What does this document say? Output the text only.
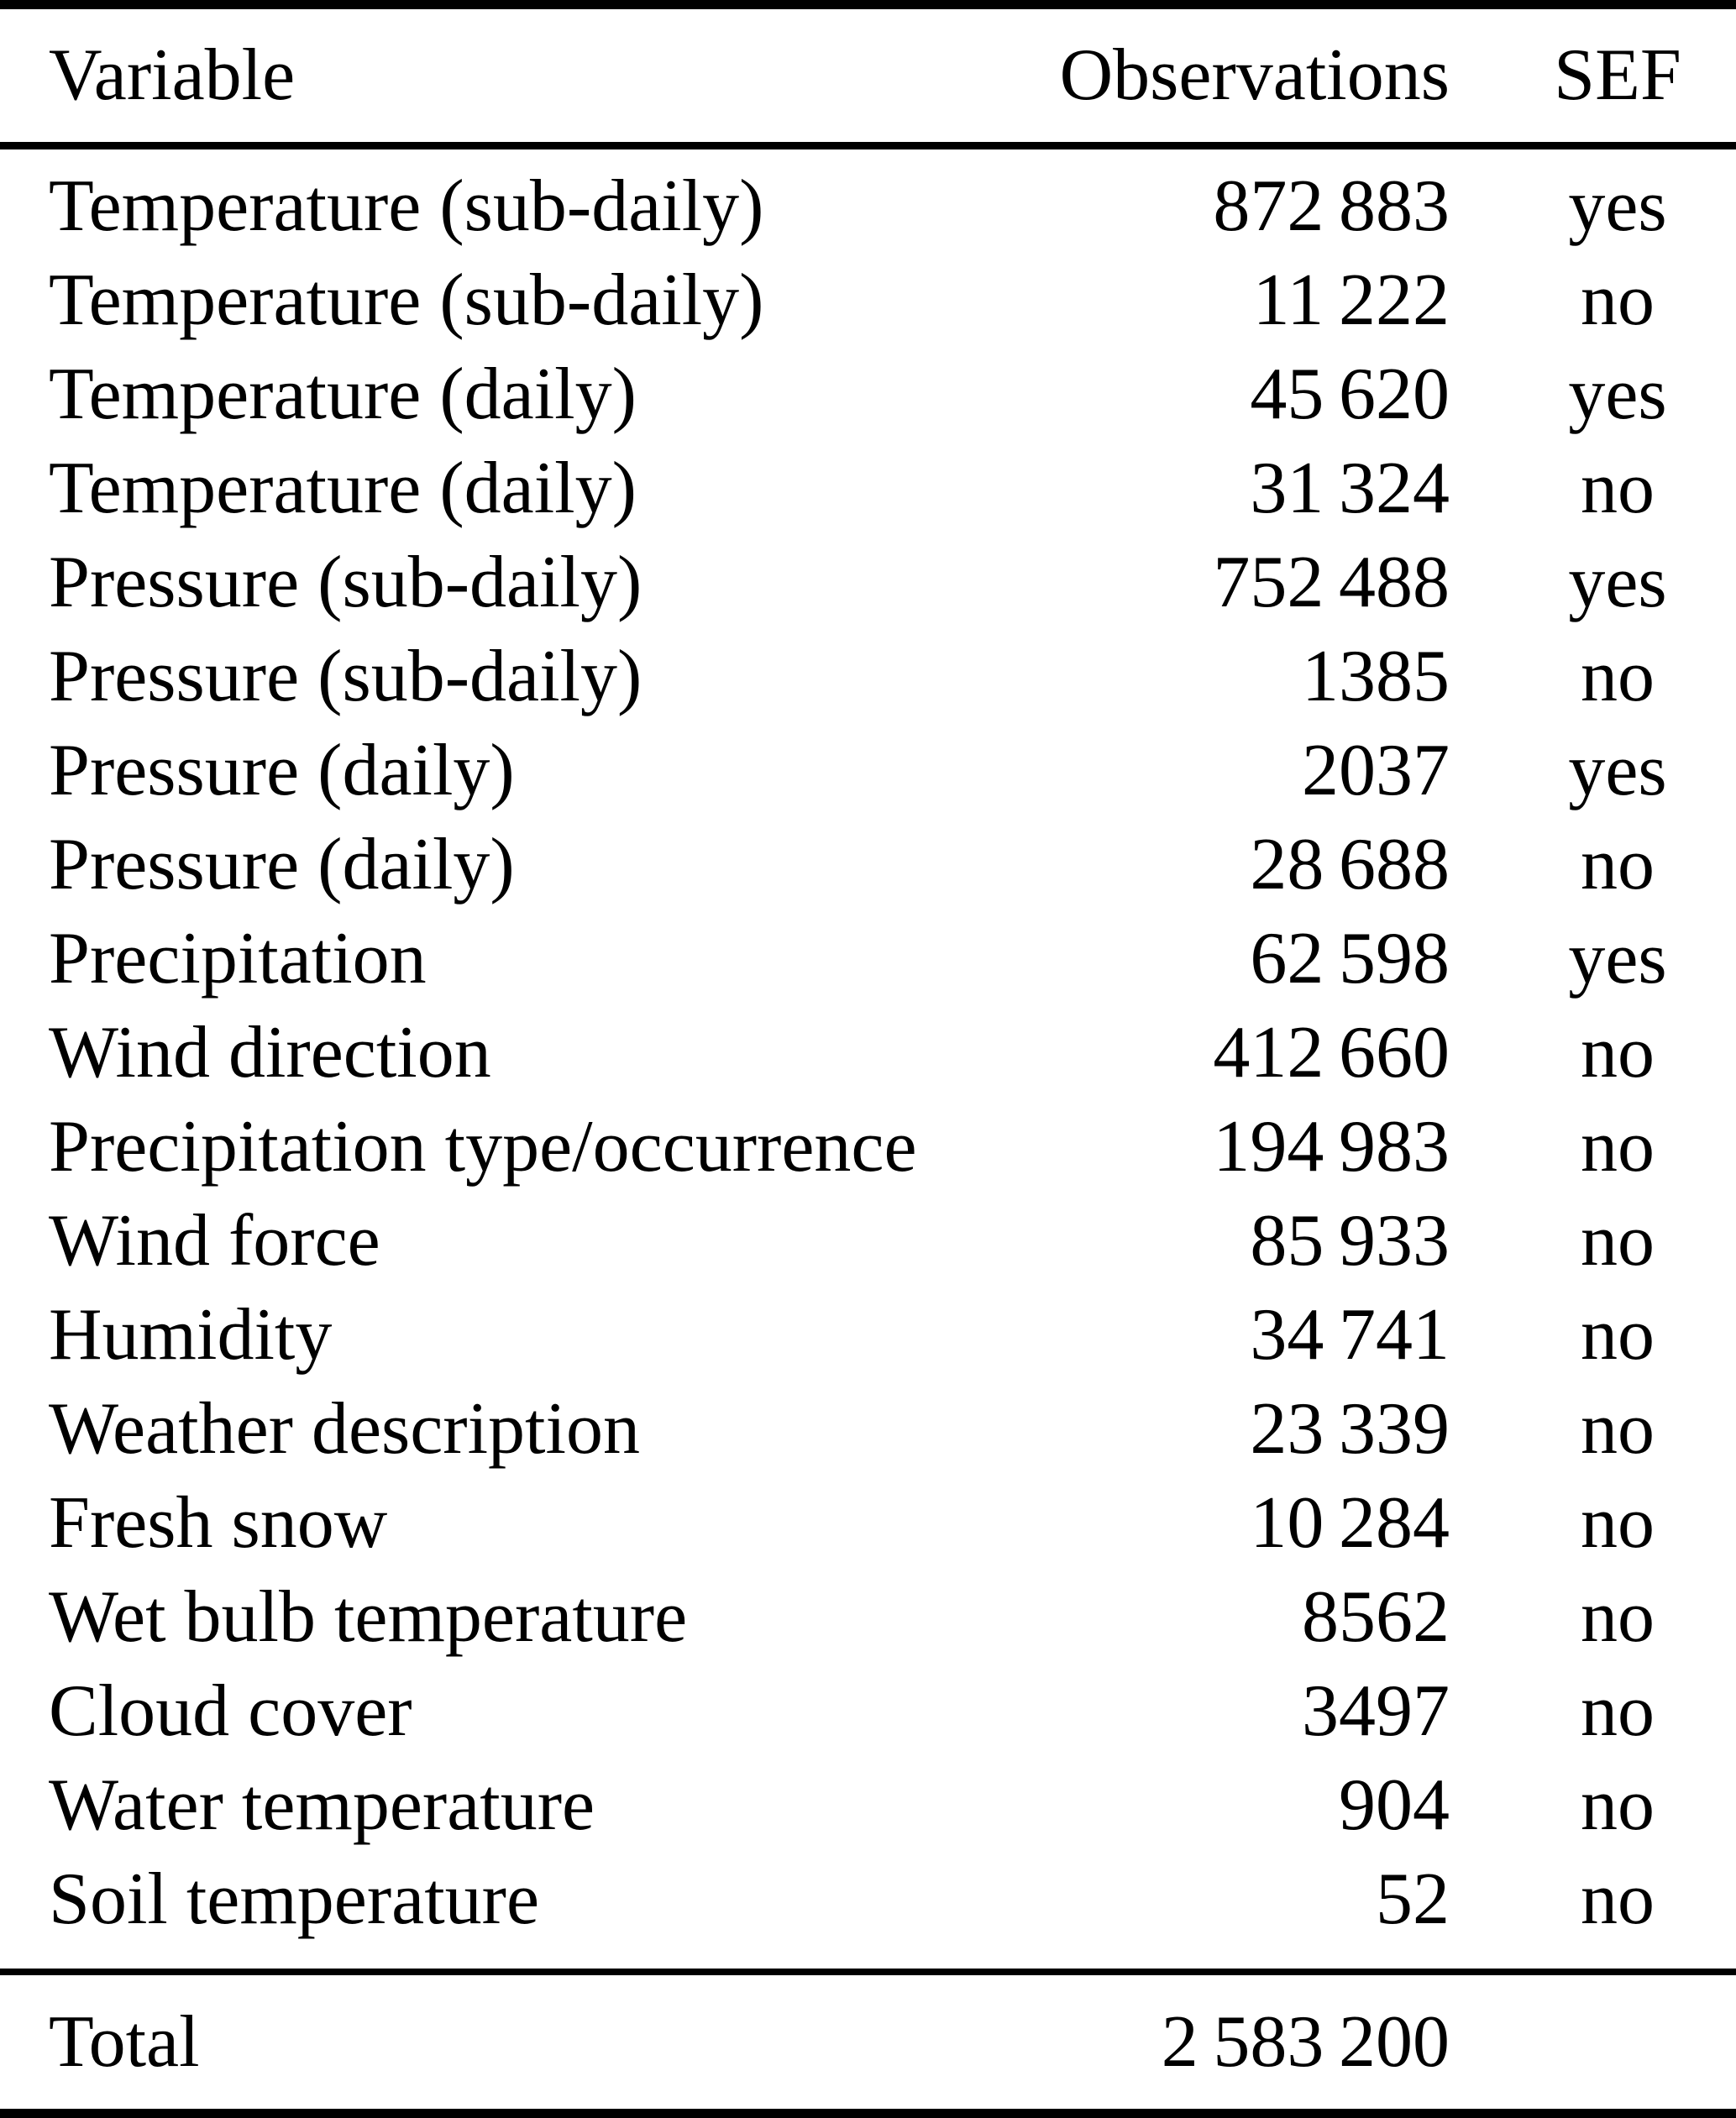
Variable	Observations	SEF
Temperature (sub-daily)	872 883	yes
Temperature (sub-daily)	11 222	no
Temperature (daily)	45 620	yes
Temperature (daily)	31 324	no
Pressure (sub-daily)	752 488	yes
Pressure (sub-daily)	1385	no
Pressure (daily)	2037	yes
Pressure (daily)	28 688	no
Precipitation	62 598	yes
Wind direction	412 660	no
Precipitation type/occurrence	194 983	no
Wind force	85 933	no
Humidity	34 741	no
Weather description	23 339	no
Fresh snow	10 284	no
Wet bulb temperature	8562	no
Cloud cover	3497	no
Water temperature	904	no
Soil temperature	52	no
Total	2 583 200
